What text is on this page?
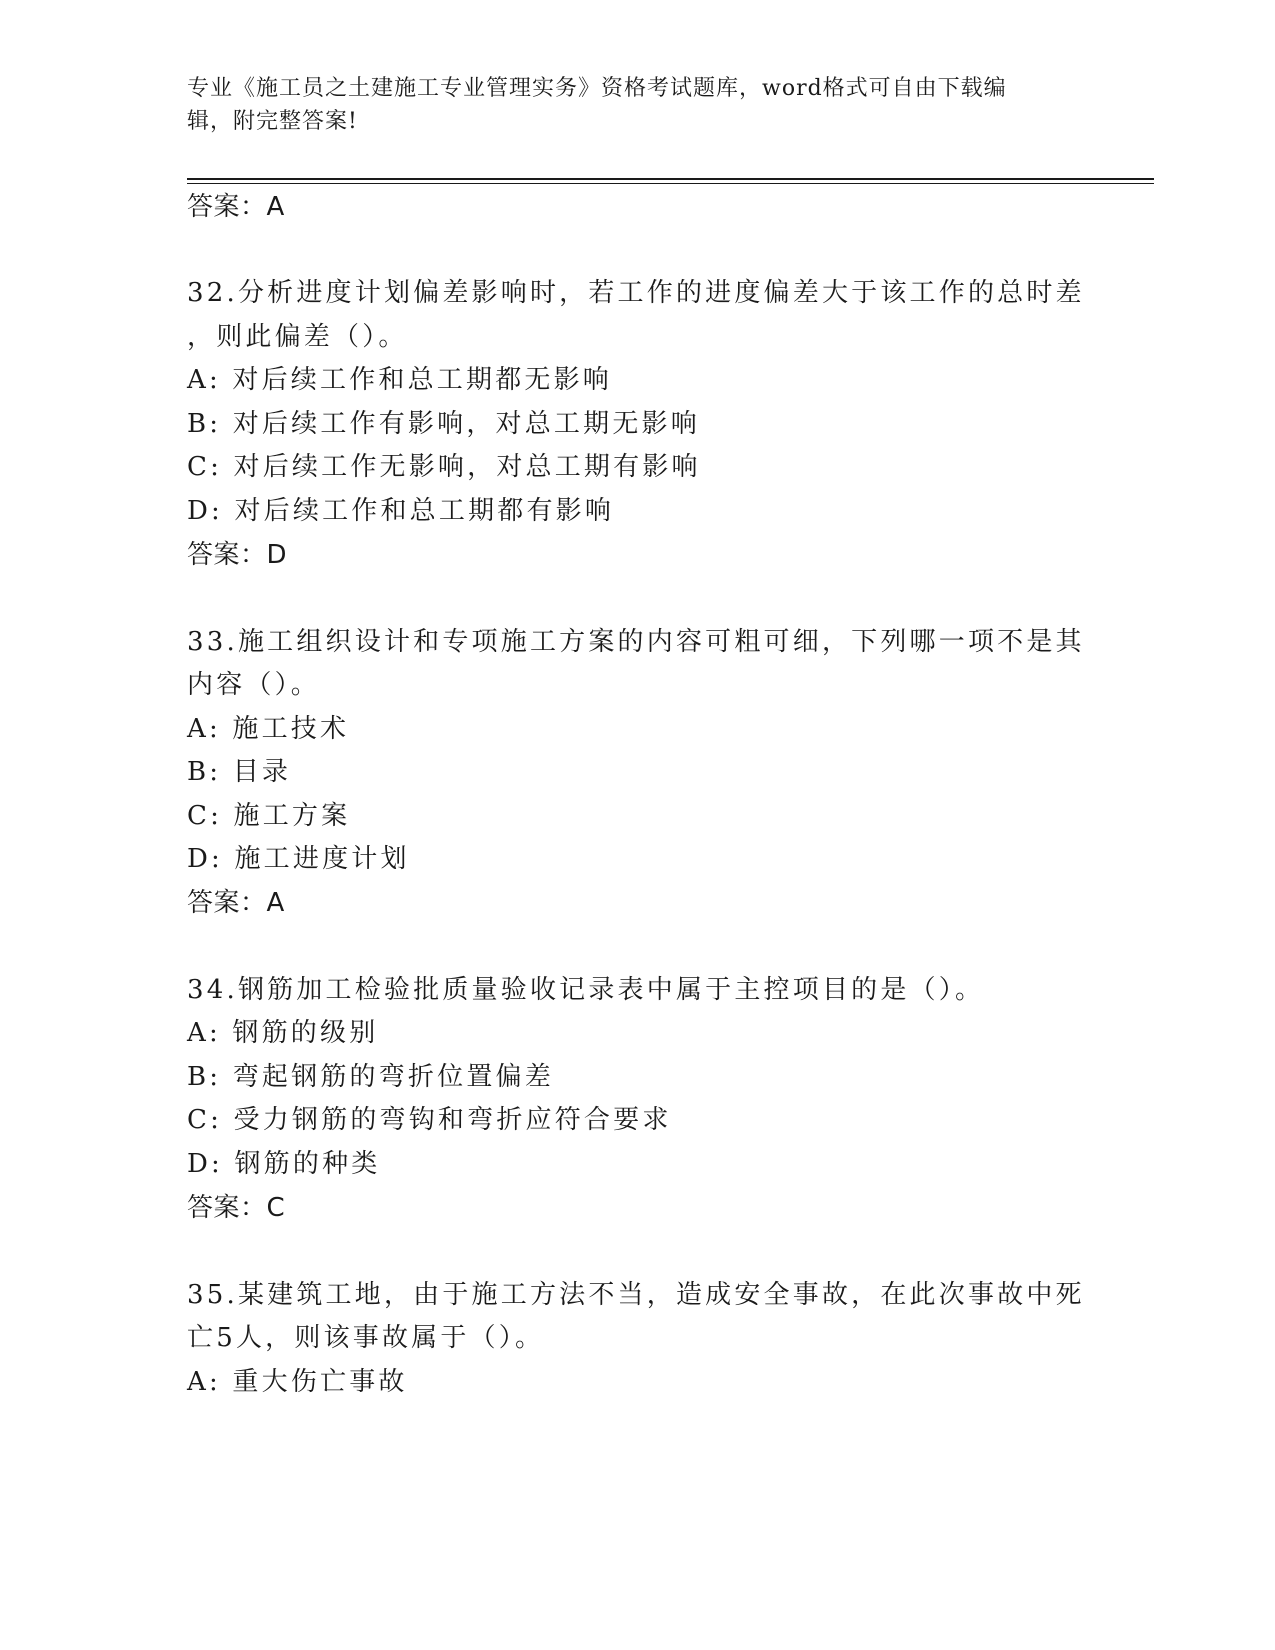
专业《施工员之土建施工专业管理实务》资格考试题库，word格式可自由下载编
辑，附完整答案!
答案：A
32.分析进度计划偏差影响时，若工作的进度偏差大于该工作的总时差
，则此偏差（）。
A: 对后续工作和总工期都无影响
B: 对后续工作有影响，对总工期无影响
C: 对后续工作无影响，对总工期有影响
D: 对后续工作和总工期都有影响
答案：D
33.施工组织设计和专项施工方案的内容可粗可细，下列哪一项不是其
内容（）。
A: 施工技术
B: 目录
C: 施工方案
D: 施工进度计划
答案：A
34.钢筋加工检验批质量验收记录表中属于主控项目的是（）。
A: 钢筋的级别
B: 弯起钢筋的弯折位置偏差
C: 受力钢筋的弯钩和弯折应符合要求
D: 钢筋的种类
答案：C
35.某建筑工地，由于施工方法不当，造成安全事故，在此次事故中死
亡5人，则该事故属于（）。
A: 重大伤亡事故
